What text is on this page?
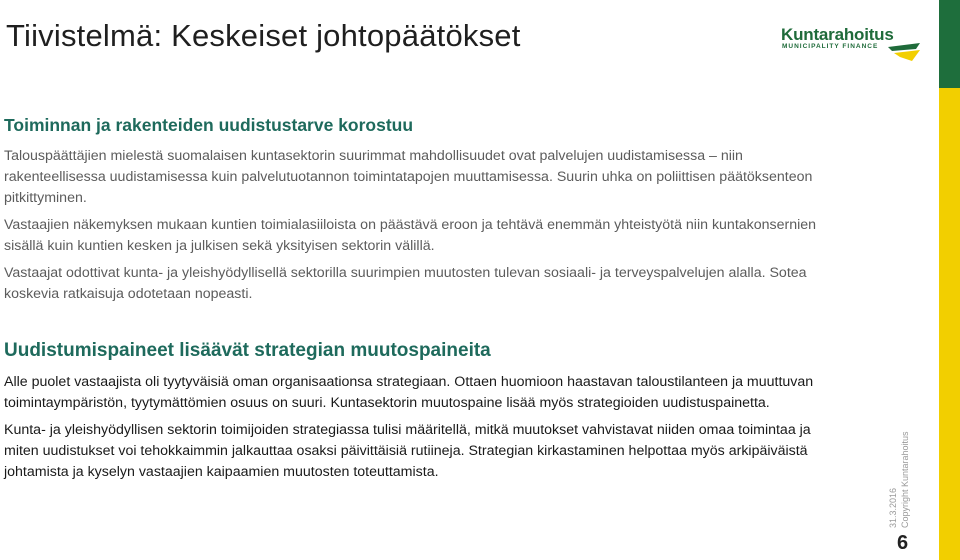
Tiivistelmä: Keskeiset johtopäätökset	Kuntarahoitus
MUNICIPALITY FINANCE
Toiminnan ja rakenteiden uudistustarve korostuu

Talouspäättäjien mielestä suomalaisen kuntasektorin suurimmat mahdollisuudet ovat palvelujen uudistamisessa – niin rakenteellisessa uudistamisessa kuin palvelutuotannon toimintatapojen muuttamisessa. Suurin uhka on poliittisen päätöksenteon pitkittyminen.

Vastaajien näkemyksen mukaan kuntien toimialasiiloista on päästävä eroon ja tehtävä enemmän yhteistyötä niin kuntakonsernien sisällä kuin kuntien kesken ja julkisen sekä yksityisen sektorin välillä.

Vastaajat odottivat kunta- ja yleishyödyllisellä sektorilla suurimpien muutosten tulevan sosiaali- ja terveyspalvelujen alalla. Sotea koskevia ratkaisuja odotetaan nopeasti.

Uudistumispaineet lisäävät strategian muutospaineita

Alle puolet vastaajista oli tyytyväisiä oman organisaationsa strategiaan. Ottaen huomioon haastavan taloustilanteen ja muuttuvan toimintaympäristön, tyytymättömien osuus on suuri. Kuntasektorin muutospaine lisää myös strategioiden uudistuspainetta.

Kunta- ja yleishyödyllisen sektorin toimijoiden strategiassa tulisi määritellä, mitkä muutokset vahvistavat niiden omaa toimintaa ja miten uudistukset voi tehokkaimmin jalkauttaa osaksi päivittäisiä rutiineja. Strategian kirkastaminen helpottaa myös arkipäiväistä johtamista ja kyselyn vastaajien kaipaamien muutosten toteuttamista.	Copyright Kuntarahoitus
31.3.2016
6
